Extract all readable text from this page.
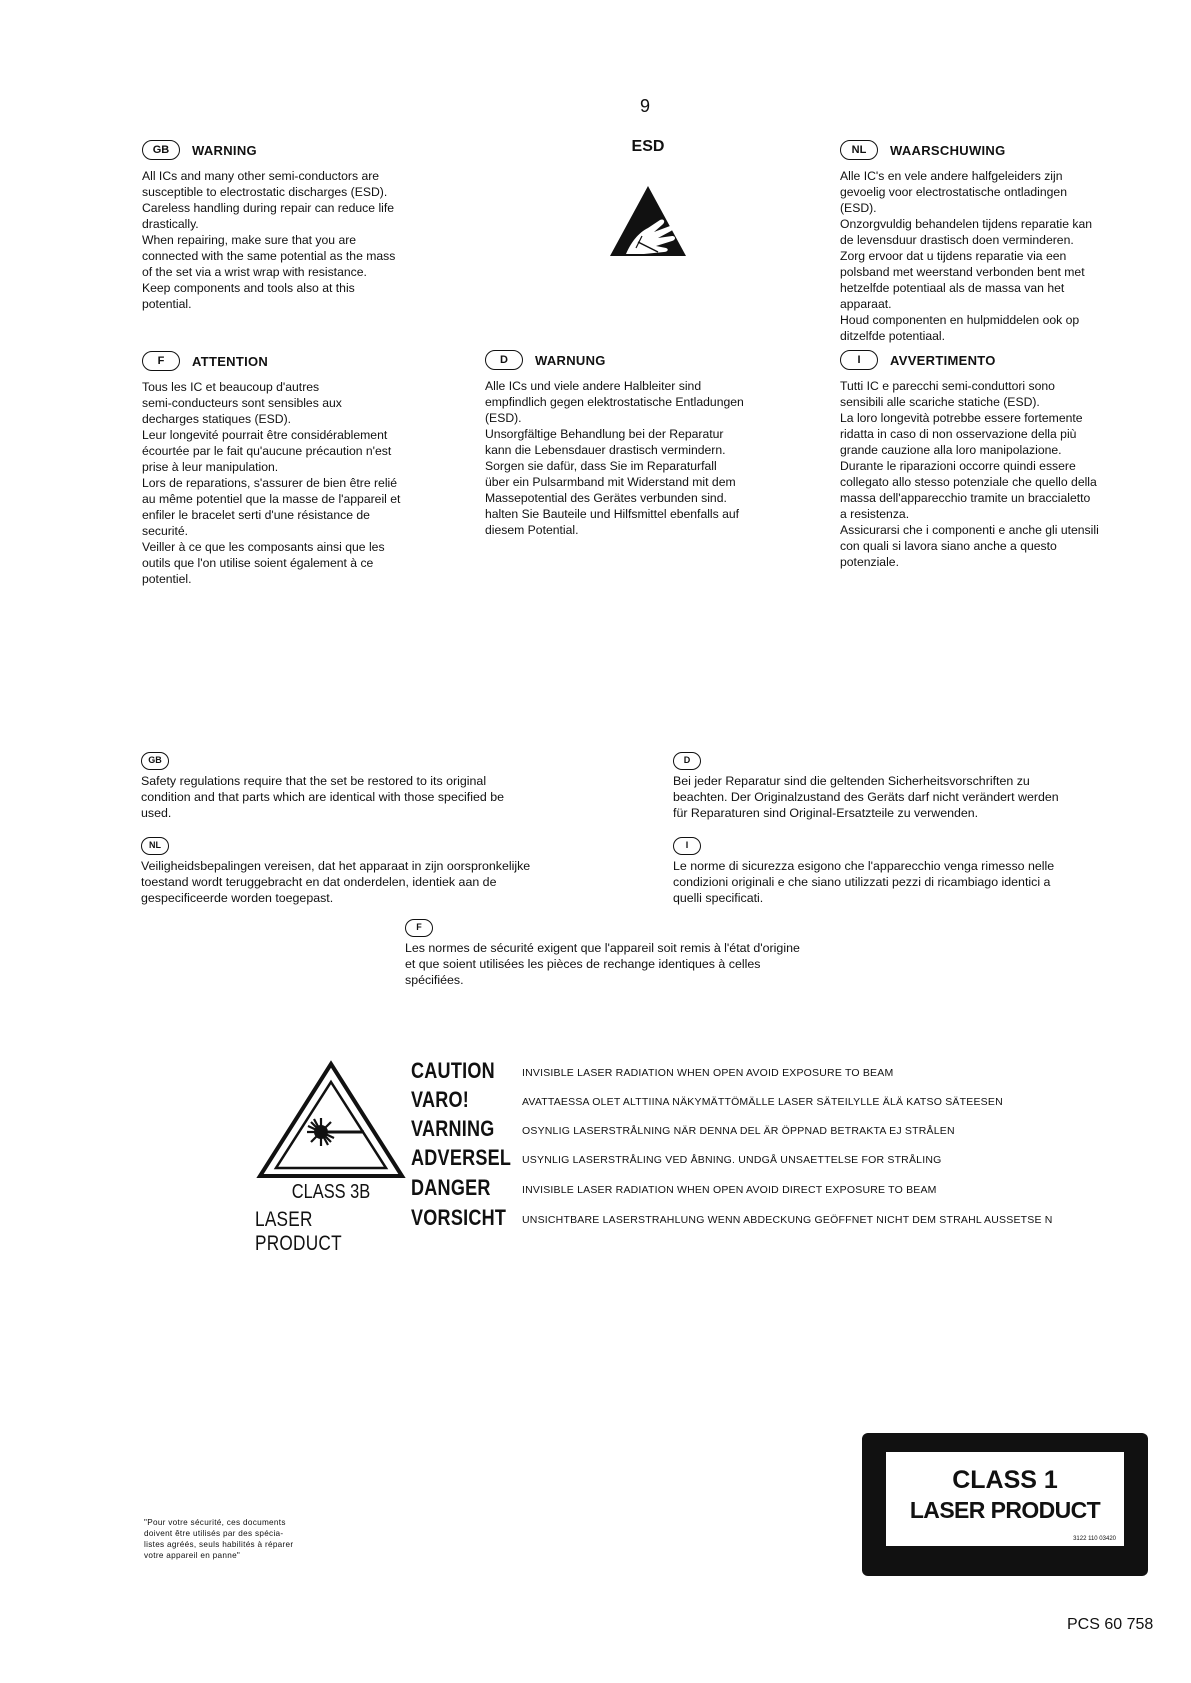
9
GB	WARNING
All ICs and many other semi-conductors are
susceptible to electrostatic discharges (ESD).
Careless handling during repair can reduce life
drastically.
When repairing, make sure that you are
connected with the same potential as the mass
of the set via a wrist wrap with resistance.
Keep components and tools also at this
potential.
ESD	NL	WAARSCHUWING
Alle IC's en vele andere halfgeleiders zijn
gevoelig voor electrostatische ontladingen
(ESD).
Onzorgvuldig behandelen tijdens reparatie kan
de levensduur drastisch doen verminderen.
Zorg ervoor dat u tijdens reparatie via een
polsband met weerstand verbonden bent met
hetzelfde potentiaal als de massa van het
apparaat.
Houd componenten en hulpmiddelen ook op
ditzelfde potentiaal.
F	ATTENTION
Tous les IC et beaucoup d'autres
semi-conducteurs sont sensibles aux
decharges statiques (ESD).
Leur longevité pourrait être considérablement
écourtée par le fait qu'aucune précaution n'est
prise à leur manipulation.
Lors de reparations, s'assurer de bien être relié
au même potentiel que la masse de l'appareil et
enfiler le bracelet serti d'une résistance de
securité.
Veiller à ce que les composants ainsi que les
outils que l'on utilise soient également à ce
potentiel.
D	WARNUNG
Alle ICs und viele andere Halbleiter sind
empfindlich gegen elektrostatische Entladungen
(ESD).
Unsorgfältige Behandlung bei der Reparatur
kann die Lebensdauer drastisch vermindern.
Sorgen sie dafür, dass Sie im Reparaturfall
über ein Pulsarmband mit Widerstand mit dem
Massepotential des Gerätes verbunden sind.
halten Sie Bauteile und Hilfsmittel ebenfalls auf
diesem Potential.
I	AVVERTIMENTO
Tutti IC e parecchi semi-conduttori sono
sensibili alle scariche statiche (ESD).
La loro longevità potrebbe essere fortemente
ridatta in caso di non osservazione della più
grande cauzione alla loro manipolazione.
Durante le riparazioni occorre quindi essere
collegato allo stesso potenziale che quello della
massa dell'apparecchio tramite un braccialetto
a resistenza.
Assicurarsi che i componenti e anche gli utensili
con quali si lavora siano anche a questo
potenziale.
GB
Safety regulations require that the set be restored to its original
condition and that parts which are identical with those specified be
used.
D
Bei jeder Reparatur sind die geltenden Sicherheitsvorschriften zu
beachten. Der Originalzustand des Geräts darf nicht verändert werden
für Reparaturen sind Original-Ersatzteile zu verwenden.
NL
Veiligheidsbepalingen vereisen, dat het apparaat in zijn oorspronkelijke
toestand wordt teruggebracht en dat onderdelen, identiek aan de
gespecificeerde worden toegepast.
I
Le norme di sicurezza esigono che l'apparecchio venga rimesso nelle
condizioni originali e che siano utilizzati pezzi di ricambiago identici a
quelli specificati.
F
Les normes de sécurité exigent que l'appareil soit remis à l'état d'origine
et que soient utilisées les pièces de rechange identiques à celles
spécifiées.
CLASS 3B
LASER PRODUCT
CAUTION	INVISIBLE LASER RADIATION WHEN OPEN AVOID EXPOSURE TO BEAM
VARO!	AVATTAESSA OLET ALTTIINA NÄKYMÄTTÖMÄLLE LASER SÄTEILYLLE ÄLÄ KATSO SÄTEESEN
VARNING	OSYNLIG LASERSTRÅLNING NÄR DENNA DEL ÄR ÖPPNAD BETRAKTA EJ STRÅLEN
ADVERSEL USYNLIG LASERSTRÅLING VED ÅBNING. UNDGÅ UNSAETTELSE FOR STRÅLING
DANGER	INVISIBLE LASER RADIATION WHEN OPEN AVOID DIRECT EXPOSURE TO BEAM
VORSICHT UNSICHTBARE LASERSTRAHLUNG WENN ABDECKUNG GEÖFFNET NICHT DEM STRAHL AUSSETSE N
"Pour votre sécurité, ces documents
doivent être utilisés par des spécia-
listes agréés, seuls habilités à réparer
votre appareil en panne"
CLASS 1
LASER PRODUCT
3122 110 03420
PCS 60 758
